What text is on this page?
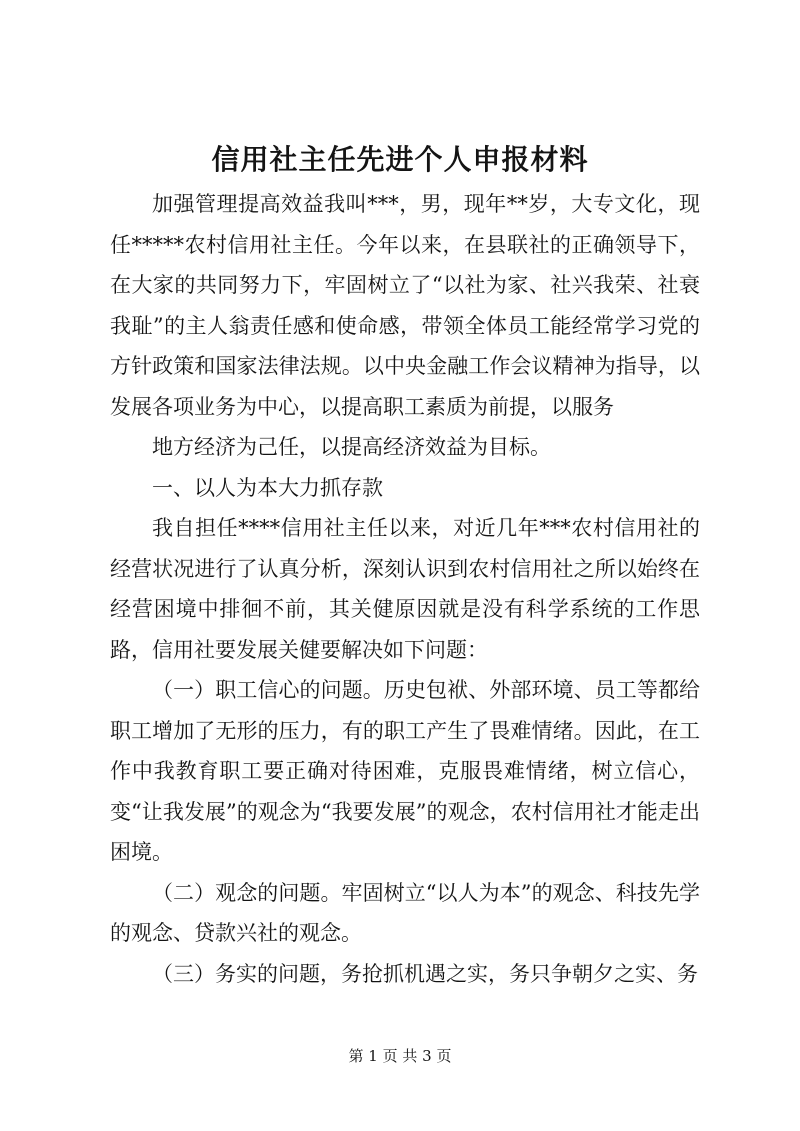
信用社主任先进个人申报材料

加强管理提高效益我叫***，男，现年**岁，大专文化，现任*****农村信用社主任。今年以来，在县联社的正确领导下，在大家的共同努力下，牢固树立了“以社为家、社兴我荣、社衰我耻”的主人翁责任感和使命感，带领全体员工能经常学习党的方针政策和国家法律法规。以中央金融工作会议精神为指导，以发展各项业务为中心，以提高职工素质为前提，以服务

地方经济为己任，以提高经济效益为目标。

一、以人为本大力抓存款

我自担任****信用社主任以来，对近几年***农村信用社的经营状况进行了认真分析，深刻认识到农村信用社之所以始终在经营困境中排徊不前，其关健原因就是没有科学系统的工作思路，信用社要发展关健要解决如下问题：

（一）职工信心的问题。历史包袱、外部环境、员工等都给职工增加了无形的压力，有的职工产生了畏难情绪。因此，在工作中我教育职工要正确对待困难，克服畏难情绪，树立信心，变“让我发展”的观念为“我要发展”的观念，农村信用社才能走出困境。

（二）观念的问题。牢固树立“以人为本”的观念、科技先学的观念、贷款兴社的观念。

（三）务实的问题，务抢抓机遇之实，务只争朝夕之实、务

第 1 页 共 3 页
